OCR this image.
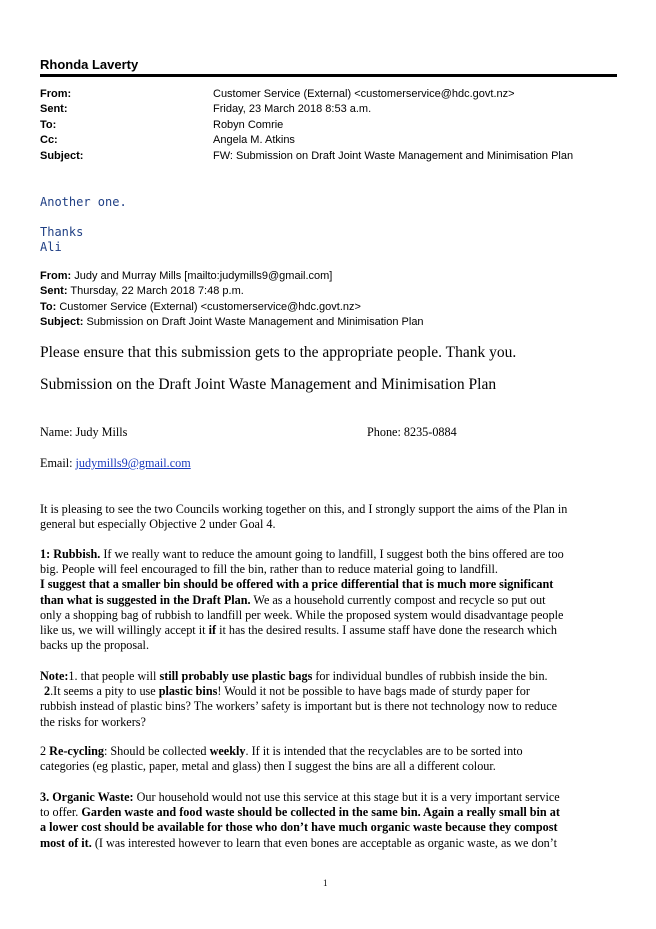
Rhonda Laverty
From:	Customer Service (External) <customerservice@hdc.govt.nz>
Sent:	Friday, 23 March 2018 8:53 a.m.
To:	Robyn Comrie
Cc:	Angela M. Atkins
Subject:	FW: Submission on Draft Joint Waste Management and Minimisation Plan
Another one.
Thanks
Ali
From: Judy and Murray Mills [mailto:judymills9@gmail.com]
Sent: Thursday, 22 March 2018 7:48 p.m.
To: Customer Service (External) <customerservice@hdc.govt.nz>
Subject: Submission on Draft Joint Waste Management and Minimisation Plan
Please ensure that this submission gets to the appropriate people. Thank you.
Submission on the Draft Joint Waste Management and Minimisation Plan
Name: Judy Mills	Phone: 8235-0884
Email: judymills9@gmail.com
It is pleasing to see the two Councils working together on this, and I strongly support the aims of the Plan in
general but especially Objective 2 under Goal 4.
1: Rubbish. If we really want to reduce the amount going to landfill, I suggest both the bins offered are too
big. People will feel encouraged to fill the bin, rather than to reduce material going to landfill.
I suggest that a smaller bin should be offered with a price differential that is much more significant
than what is suggested in the Draft Plan. We as a household currently compost and recycle so put out
only a shopping bag of rubbish to landfill per week. While the proposed system would disadvantage people
like us, we will willingly accept it if it has the desired results. I assume staff have done the research which
backs up the proposal.
Note:1. that people will still probably use plastic bags for individual bundles of rubbish inside the bin.
2.It seems a pity to use plastic bins! Would it not be possible to have bags made of sturdy paper for
rubbish instead of plastic bins? The workers’ safety is important but is there not technology now to reduce
the risks for workers?
2 Re-cycling: Should be collected weekly. If it is intended that the recyclables are to be sorted into
categories (eg plastic, paper, metal and glass) then I suggest the bins are all a different colour.
3. Organic Waste: Our household would not use this service at this stage but it is a very important service
to offer. Garden waste and food waste should be collected in the same bin. Again a really small bin at
a lower cost should be available for those who don’t have much organic waste because they compost
most of it. (I was interested however to learn that even bones are acceptable as organic waste, as we don’t
1
